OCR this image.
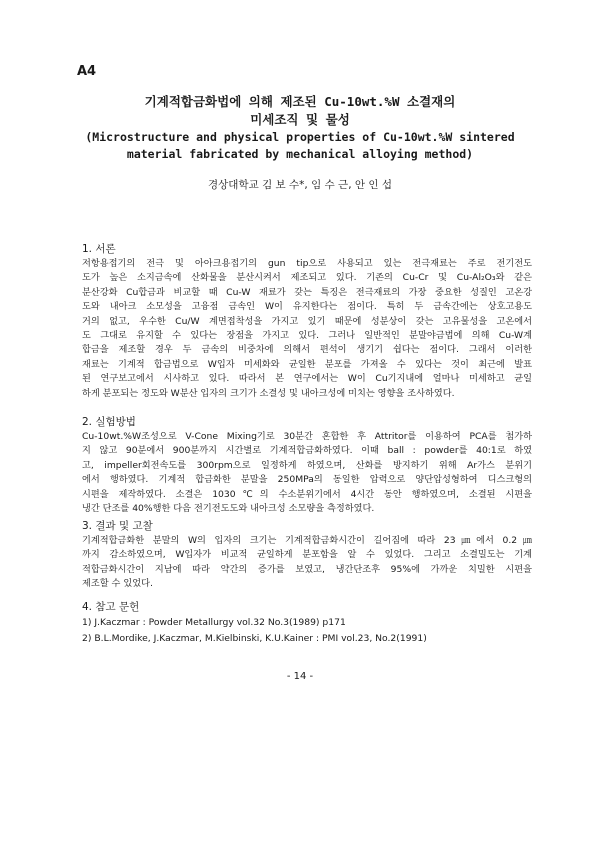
A4
기계적합금화법에 의해 제조된 Cu-10wt.%W 소결재의
미세조직 및 물성
(Microstructure and physical properties of Cu-10wt.%W sintered
material fabricated by mechanical alloying method)
경상대학교 김 보 수*, 임 수 근, 안 인 섭
1. 서론
저항용접기의 전극 및 아아크용접기의 gun tip으로 사용되고 있는 전극재료는 주로 전기전도
도가 높은 소지금속에 산화물을 분산시켜서 제조되고 있다. 기존의 Cu-Cr 및 Cu-Al₂O₃와 같은
분산강화 Cu합금과 비교할 때 Cu-W 재료가 갖는 특징은 전극재료의 가장 중요한 성질인 고온강
도와 내아크 소모성을 고융점 금속인 W이 유지한다는 점이다. 특히 두 금속간에는 상호고용도
거의 없고, 우수한 Cu/W 계면접착성을 가지고 있기 때문에 성분상이 갖는 고유물성을 고온에서
도 그대로 유지할 수 있다는 장점을 가지고 있다. 그러나 일반적인 분말야금법에 의해 Cu-W계
합금을 제조할 경우 두 금속의 비중차에 의해서 편석이 생기기 쉽다는 점이다. 그래서 이러한
재료는 기계적 합금법으로 W입자 미세화와 균일한 분포를 가져올 수 있다는 것이 최근에 발표
된 연구보고에서 시사하고 있다. 따라서 본 연구에서는 W이 Cu기지내에 얼마나 미세하고 균일
하게 분포되는 정도와 W분산 입자의 크기가 소결성 및 내아크성에 미치는 영향을 조사하였다.
2. 실험방법
Cu-10wt.%W조성으로 V-Cone Mixing기로 30분간 혼합한 후 Attritor를 이용하여 PCA를 첨가하
지 않고 90분에서 900분까지 시간별로 기계적합금화하였다. 이때 ball : powder를 40:1로 하였
고, impeller회전속도를 300rpm으로 일정하게 하였으며, 산화를 방지하기 위해 Ar가스 분위기
에서 행하였다. 기계적 합금화한 분말을 250MPa의 동일한 압력으로 양단압성형하여 디스크형의
시편을 제작하였다. 소결은 1030℃의 수소분위기에서 4시간 동안 행하였으며, 소결된 시편을
냉간 단조를 40%행한 다음 전기전도도와 내아크성 소모량을 측정하였다.
3. 결과 및 고찰
기계적합금화한 분말의 W의 입자의 크기는 기계적합금화시간이 길어짐에 따라 23㎛에서 0.2㎛
까지 감소하였으며, W입자가 비교적 균일하게 분포함을 알 수 있었다. 그리고 소결밀도는 기계
적합금화시간이 지남에 따라 약간의 증가를 보였고, 냉간단조후 95%에 가까운 치밀한 시편을
제조할 수 있었다.
4. 참고 문헌
1) J.Kaczmar : Powder Metallurgy vol.32 No.3(1989) p171
2) B.L.Mordike, J.Kaczmar, M.Kielbinski, K.U.Kainer : PMI vol.23, No.2(1991)
- 14 -
